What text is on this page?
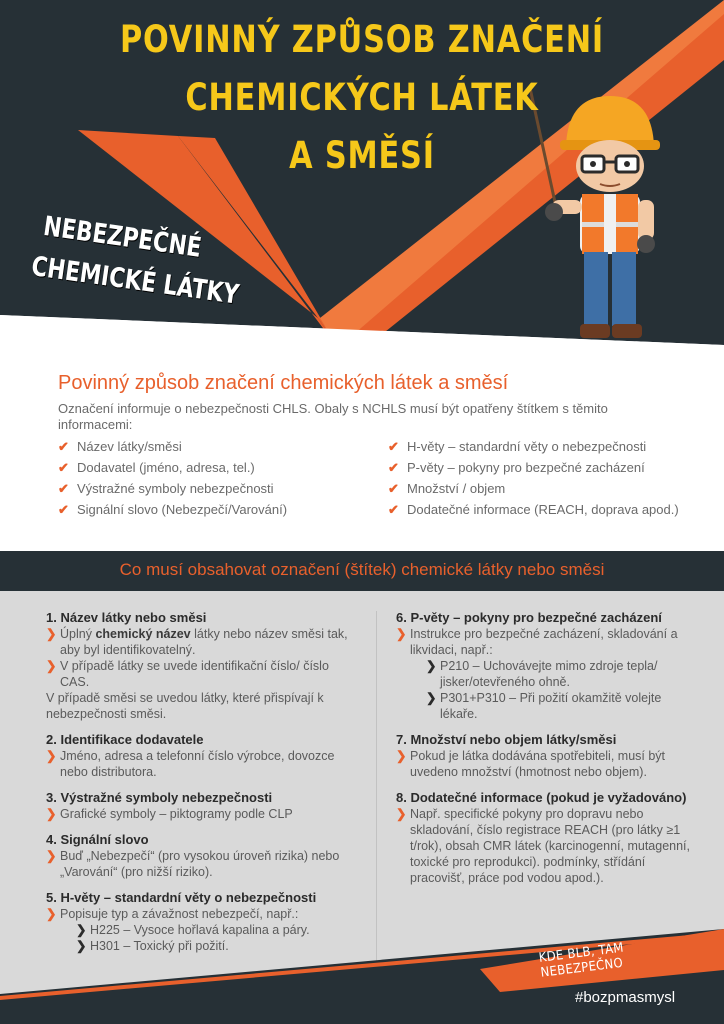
POVINNÝ ZPŮSOB ZNAČENÍ
CHEMICKÝCH LÁTEK
A SMĚSÍ
NEBEZPEČNÉ
CHEMICKÉ LÁTKY
Povinný způsob značení chemických látek a směsí
Označení informuje o nebezpečnosti CHLS. Obaly s NCHLS musí být opatřeny štítkem s těmito informacemi:
✔ Název látky/směsi
✔ Dodavatel (jméno, adresa, tel.)
✔ Výstražné symboly nebezpečnosti
✔ Signální slovo (Nebezpečí/Varování)
✔ H-věty – standardní věty o nebezpečnosti
✔ P-věty – pokyny pro bezpečné zacházení
✔ Množství / objem
✔ Dodatečné informace (REACH, doprava apod.)
Co musí obsahovat označení (štítek) chemické látky nebo směsi
1. Název látky nebo směsi
❯ Úplný chemický název látky nebo název směsi tak, aby byl identifikovatelný.
❯ V případě látky se uvede identifikační číslo/ číslo CAS.
V případě směsi se uvedou látky, které přispívají k nebezpečnosti směsi.
2. Identifikace dodavatele
❯ Jméno, adresa a telefonní číslo výrobce, dovozce nebo distributora.
3. Výstražné symboly nebezpečnosti
❯ Grafické symboly – piktogramy podle CLP
4. Signální slovo
❯ Buď „Nebezpečí“ (pro vysokou úroveň rizika) nebo „Varování“ (pro nižší riziko).
5. H-věty – standardní věty o nebezpečnosti
❯ Popisuje typ a závažnost nebezpečí, např.:
❯ H225 – Vysoce hořlavá kapalina a páry.
❯ H301 – Toxický při požití.
6. P-věty – pokyny pro bezpečné zacházení
❯ Instrukce pro bezpečné zacházení, skladování a likvidaci, např.:
❯ P210 – Uchovávejte mimo zdroje tepla/ jisker/otevřeného ohně.
❯ P301+P310 – Při požití okamžitě volejte lékaře.
7. Množství nebo objem látky/směsi
❯ Pokud je látka dodávána spotřebiteli, musí být uvedeno množství (hmotnost nebo objem).
8. Dodatečné informace (pokud je vyžadováno)
❯ Např. specifické pokyny pro dopravu nebo skladování, číslo registrace REACH (pro látky ≥1 t/rok), obsah CMR látek (karcinogenní, mutagenní, toxické pro reprodukci). podmínky, střídání pracovišť, práce pod vodou apod.).
KDE BLB, TAM NEBEZPEČNO
#bozpmasmysl
